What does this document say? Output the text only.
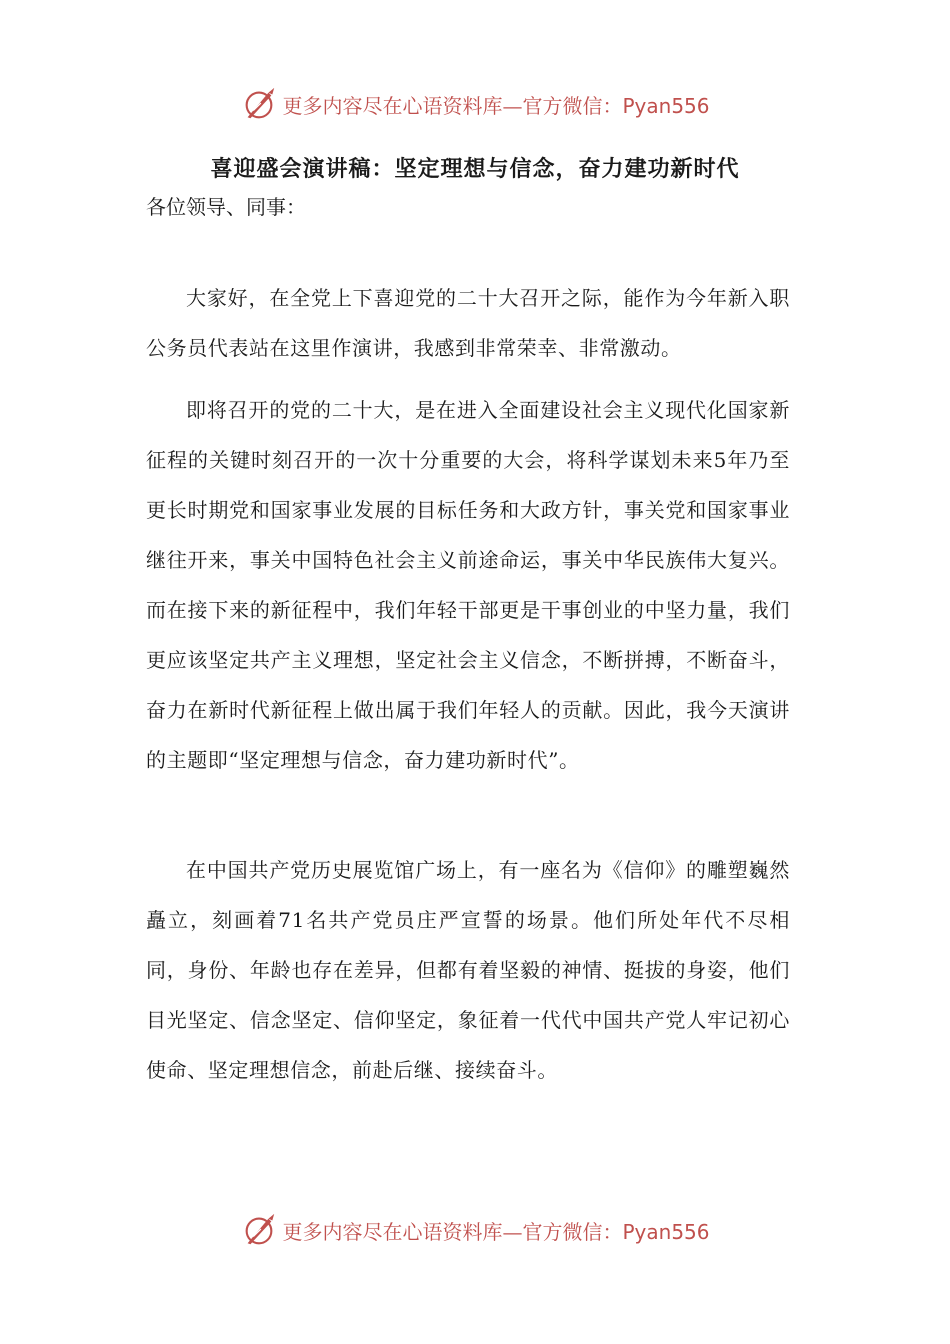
更多内容尽在心语资料库—官方微信：Pyan556
喜迎盛会演讲稿：坚定理想与信念，奋力建功新时代
各位领导、同事：

大家好，在全党上下喜迎党的二十大召开之际，能作为今年新入职公务员代表站在这里作演讲，我感到非常荣幸、非常激动。

即将召开的党的二十大，是在进入全面建设社会主义现代化国家新征程的关键时刻召开的一次十分重要的大会，将科学谋划未来5年乃至更长时期党和国家事业发展的目标任务和大政方针，事关党和国家事业继往开来，事关中国特色社会主义前途命运，事关中华民族伟大复兴。而在接下来的新征程中，我们年轻干部更是干事创业的中坚力量，我们更应该坚定共产主义理想，坚定社会主义信念，不断拼搏，不断奋斗，奋力在新时代新征程上做出属于我们年轻人的贡献。因此，我今天演讲的主题即“坚定理想与信念，奋力建功新时代”。

在中国共产党历史展览馆广场上，有一座名为《信仰》的雕塑巍然矗立，刻画着71名共产党员庄严宣誓的场景。他们所处年代不尽相同，身份、年龄也存在差异，但都有着坚毅的神情、挺拔的身姿，他们目光坚定、信念坚定、信仰坚定，象征着一代代中国共产党人牢记初心使命、坚定理想信念，前赴后继、接续奋斗。

更多内容尽在心语资料库—官方微信：Pyan556
